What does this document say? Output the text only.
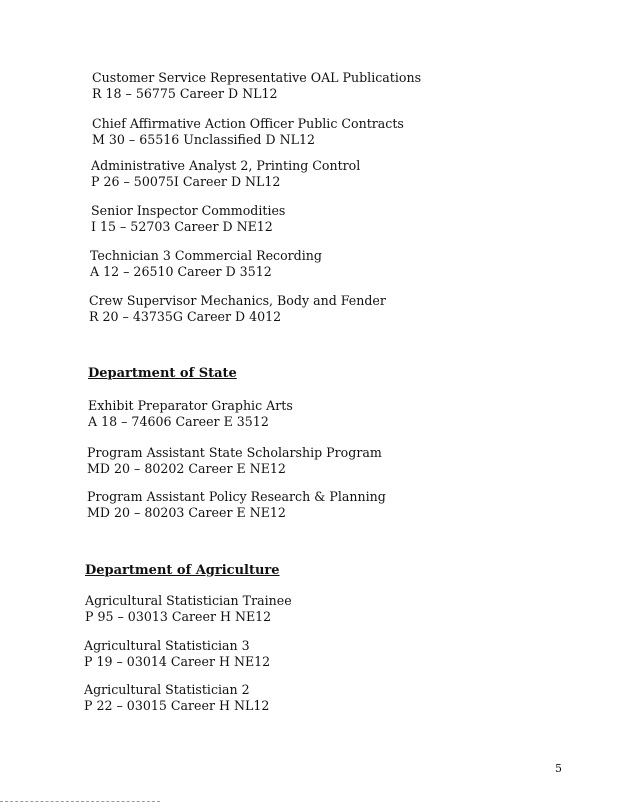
Customer Service Representative OAL Publications
R 18 – 56775 Career D NL12
Chief Affirmative Action Officer Public Contracts
M 30 – 65516 Unclassified D NL12
Administrative Analyst 2, Printing Control
P 26 – 50075I Career D NL12
Senior Inspector Commodities
I 15 – 52703 Career D NE12
Technician 3 Commercial Recording
A 12 – 26510 Career D 3512
Crew Supervisor Mechanics, Body and Fender
R 20 – 43735G Career D 4012
Department of State
Exhibit Preparator Graphic Arts
A 18 – 74606 Career E 3512
Program Assistant State Scholarship Program
MD 20 – 80202 Career E NE12
Program Assistant Policy Research & Planning
MD 20 – 80203 Career E NE12
Department of Agriculture
Agricultural Statistician Trainee
P 95 – 03013 Career H NE12
Agricultural Statistician 3
P 19 – 03014 Career H NE12
Agricultural Statistician 2
P 22 – 03015 Career H NL12
5
